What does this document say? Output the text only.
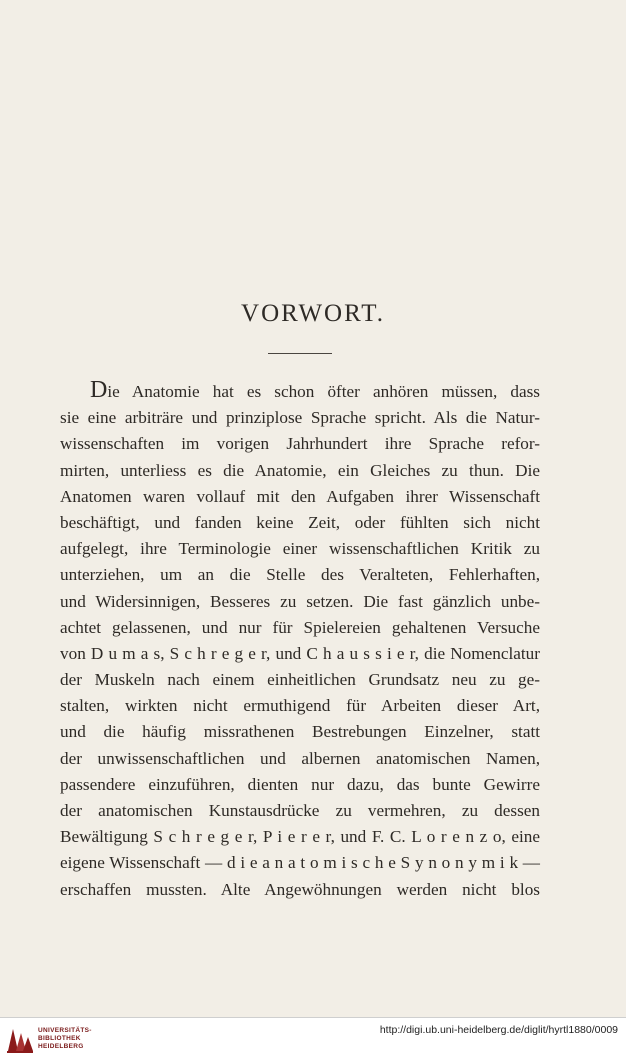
VORWORT.
Die Anatomie hat es schon öfter anhören müssen, dass
sie eine arbiträre und prinziplose Sprache spricht. Als die Natur-
wissenschaften im vorigen Jahrhundert ihre Sprache refor-
mirten, unterliess es die Anatomie, ein Gleiches zu thun. Die
Anatomen waren vollauf mit den Aufgaben ihrer Wissenschaft
beschäftigt, und fanden keine Zeit, oder fühlten sich nicht
aufgelegt, ihre Terminologie einer wissenschaftlichen Kritik zu
unterziehen, um an die Stelle des Veralteten, Fehlerhaften,
und Widersinnigen, Besseres zu setzen. Die fast gänzlich unbe-
achtet gelassenen, und nur für Spielereien gehaltenen Versuche
von D u m a s, S c h r e g e r, und C h a u s s i e r, die Nomenclatur
der Muskeln nach einem einheitlichen Grundsatz neu zu ge-
stalten, wirkten nicht ermuthigend für Arbeiten dieser Art,
und die häufig missrathenen Bestrebungen Einzelner, statt
der unwissenschaftlichen und albernen anatomischen Namen,
passendere einzuführen, dienten nur dazu, das bunte Gewirre
der anatomischen Kunstausdrücke zu vermehren, zu dessen
Bewältigung S c h r e g e r, P i e r e r, und F. C. L o r e n z o, eine
eigene Wissenschaft — d i e a n a t o m i s c h e S y n o n y m i k —
erschaffen mussten. Alte Angewöhnungen werden nicht blos
UNIVERSITÄTS-
BIBLIOTHEK
HEIDELBERG
http://digi.ub.uni-heidelberg.de/diglit/hyrtl1880/0009
